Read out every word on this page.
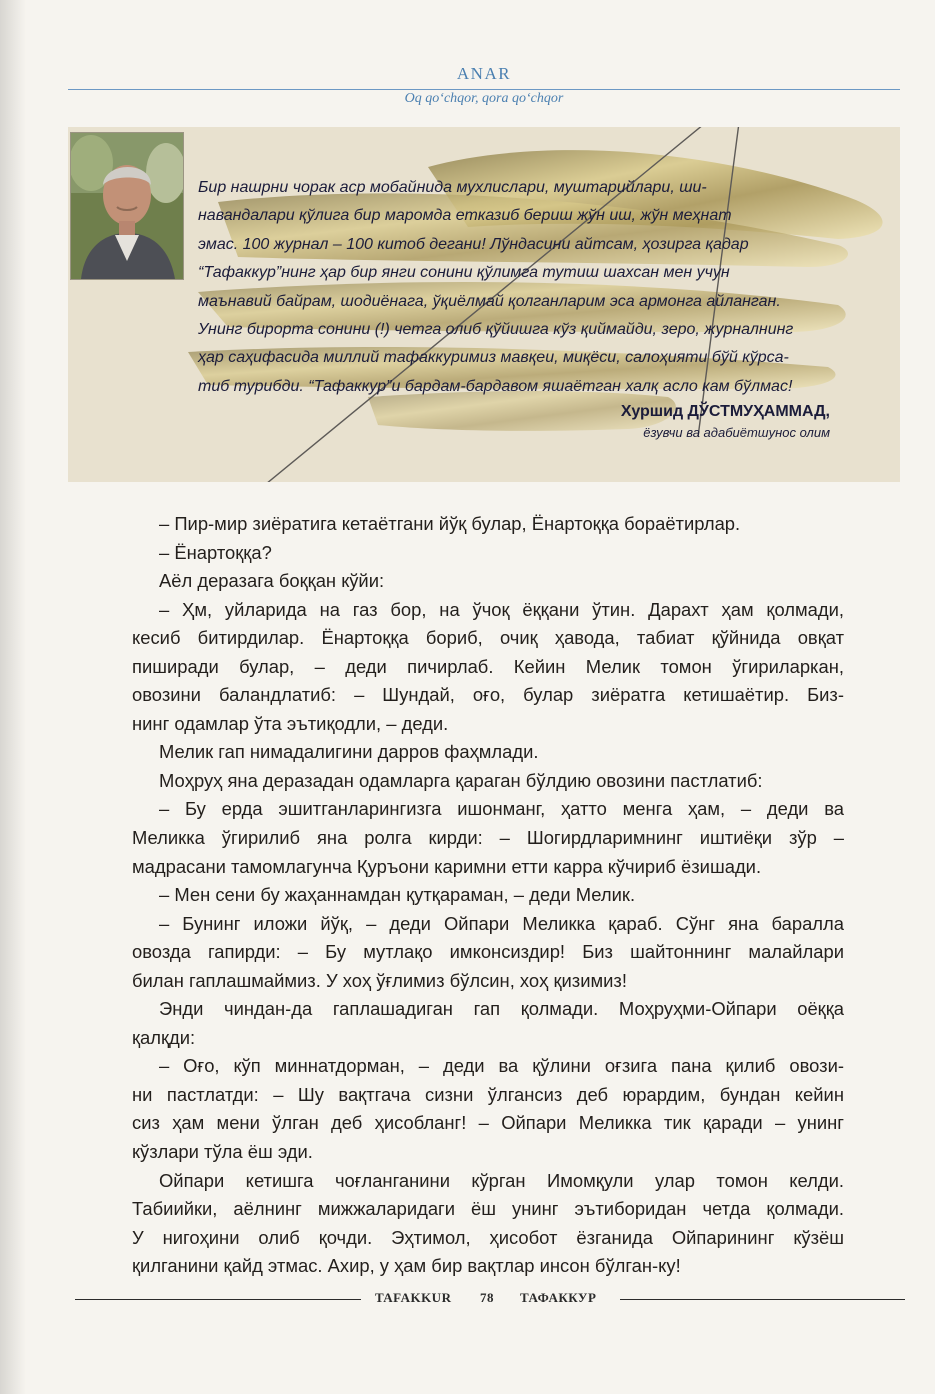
ANAR
Oq qo‘chqor, qora qo‘chqor
Бир нашрни чорак аср мобайнида мухлислари, муштарийлари, ши-
навандалари қўлига бир маромда етказиб бериш жўн иш, жўн меҳнат
эмас. 100 журнал – 100 китоб дегани! Лўндасини айтсам, ҳозирга қадар
“Тафаккур”нинг ҳар бир янги сонини қўлимга тутиш шахсан мен учун
маънавий байрам, шодиёнага, ўқиёлмай қолганларим эса армонга айланган.
Унинг бирорта сонини (!) четга олиб қўйишга кўз қиймайди, зеро, журналнинг
ҳар саҳифасида миллий тафаккуримиз мавқеи, миқёси, салоҳияти бўй кўрса-
тиб турибди. “Тафаккур”и бардам-бардавом яшаётган халқ асло кам бўлмас!
Хуршид ДЎСТМУҲАММАД,
ёзувчи ва адабиётшунос олим
– Пир-мир зиёратига кетаётгани йўқ булар, Ёнартоққа бораётирлар.
– Ёнартоққа?
Аёл деразага боққан кўйи:
– Ҳм, уйларида на газ бор, на ўчоқ ёққани ўтин. Дарахт ҳам қолмади,
кесиб битирдилар. Ёнартоққа бориб, очиқ ҳавода, табиат қўйнида овқат
пиширади булар, – деди пичирлаб. Кейин Мелик томон ўгириларкан,
овозини баландлатиб: – Шундай, оғо, булар зиёратга кетишаётир. Биз-
нинг одамлар ўта эътиқодли, – деди.
Мелик гап нимадалигини дарров фаҳмлади.
Моҳруҳ яна деразадан одамларга қараган бўлдию овозини пастлатиб:
– Бу ерда эшитганларингизга ишонманг, ҳатто менга ҳам, – деди ва
Меликка ўгирилиб яна ролга кирди: – Шогирдларимнинг иштиёқи зўр –
мадрасани тамомлагунча Қуръони каримни етти карра кўчириб ёзишади.
– Мен сени бу жаҳаннамдан қутқараман, – деди Мелик.
– Бунинг иложи йўқ, – деди Ойпари Меликка қараб. Сўнг яна баралла
овозда гапирди: – Бу мутлақо имконсиздир! Биз шайтоннинг малайлари
билан гаплашмаймиз. У хоҳ ўғлимиз бўлсин, хоҳ қизимиз!
Энди чиндан-да гаплашадиган гап қолмади. Моҳруҳми-Ойпари оёққа
қалқди:
– Оғо, кўп миннатдорман, – деди ва қўлини оғзига пана қилиб овози-
ни пастлатди: – Шу вақтгача сизни ўлгансиз деб юрардим, бундан кейин
сиз ҳам мени ўлган деб ҳисобланг! – Ойпари Меликка тик қаради – унинг
кўзлари тўла ёш эди.
Ойпари кетишга чоғланганини кўрган Имомқули улар томон келди.
Табиийки, аёлнинг мижжаларидаги ёш унинг эътиборидан четда қолмади.
У нигоҳини олиб қочди. Эҳтимол, ҳисобот ёзганида Ойпарининг кўзёш
қилганини қайд этмас. Ахир, у ҳам бир вақтлар инсон бўлган-ку!
TAFAKKUR 78 ТАФАККУР
